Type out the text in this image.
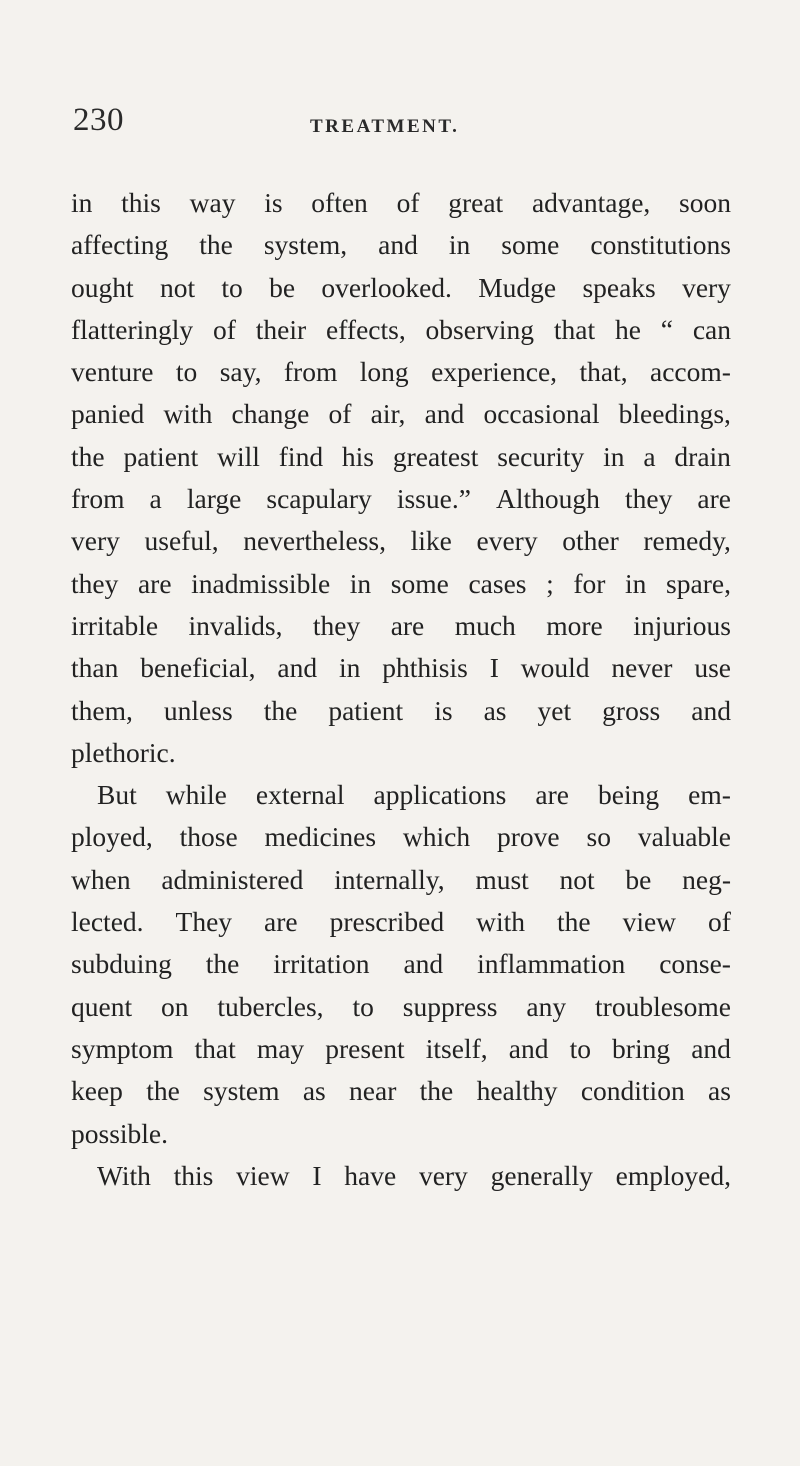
230	TREATMENT.
in this way is often of great advantage, soon
affecting the system, and in some constitutions
ought not to be overlooked. Mudge speaks very
flatteringly of their effects, observing that he “ can
venture to say, from long experience, that, accom-
panied with change of air, and occasional bleedings,
the patient will find his greatest security in a drain
from a large scapulary issue.” Although they are
very useful, nevertheless, like every other remedy,
they are inadmissible in some cases ; for in spare,
irritable invalids, they are much more injurious
than beneficial, and in phthisis I would never use
them, unless the patient is as yet gross and
plethoric.
But while external applications are being em-
ployed, those medicines which prove so valuable
when administered internally, must not be neg-
lected. They are prescribed with the view of
subduing the irritation and inflammation conse-
quent on tubercles, to suppress any troublesome
symptom that may present itself, and to bring and
keep the system as near the healthy condition as
possible.
With this view I have very generally employed,
